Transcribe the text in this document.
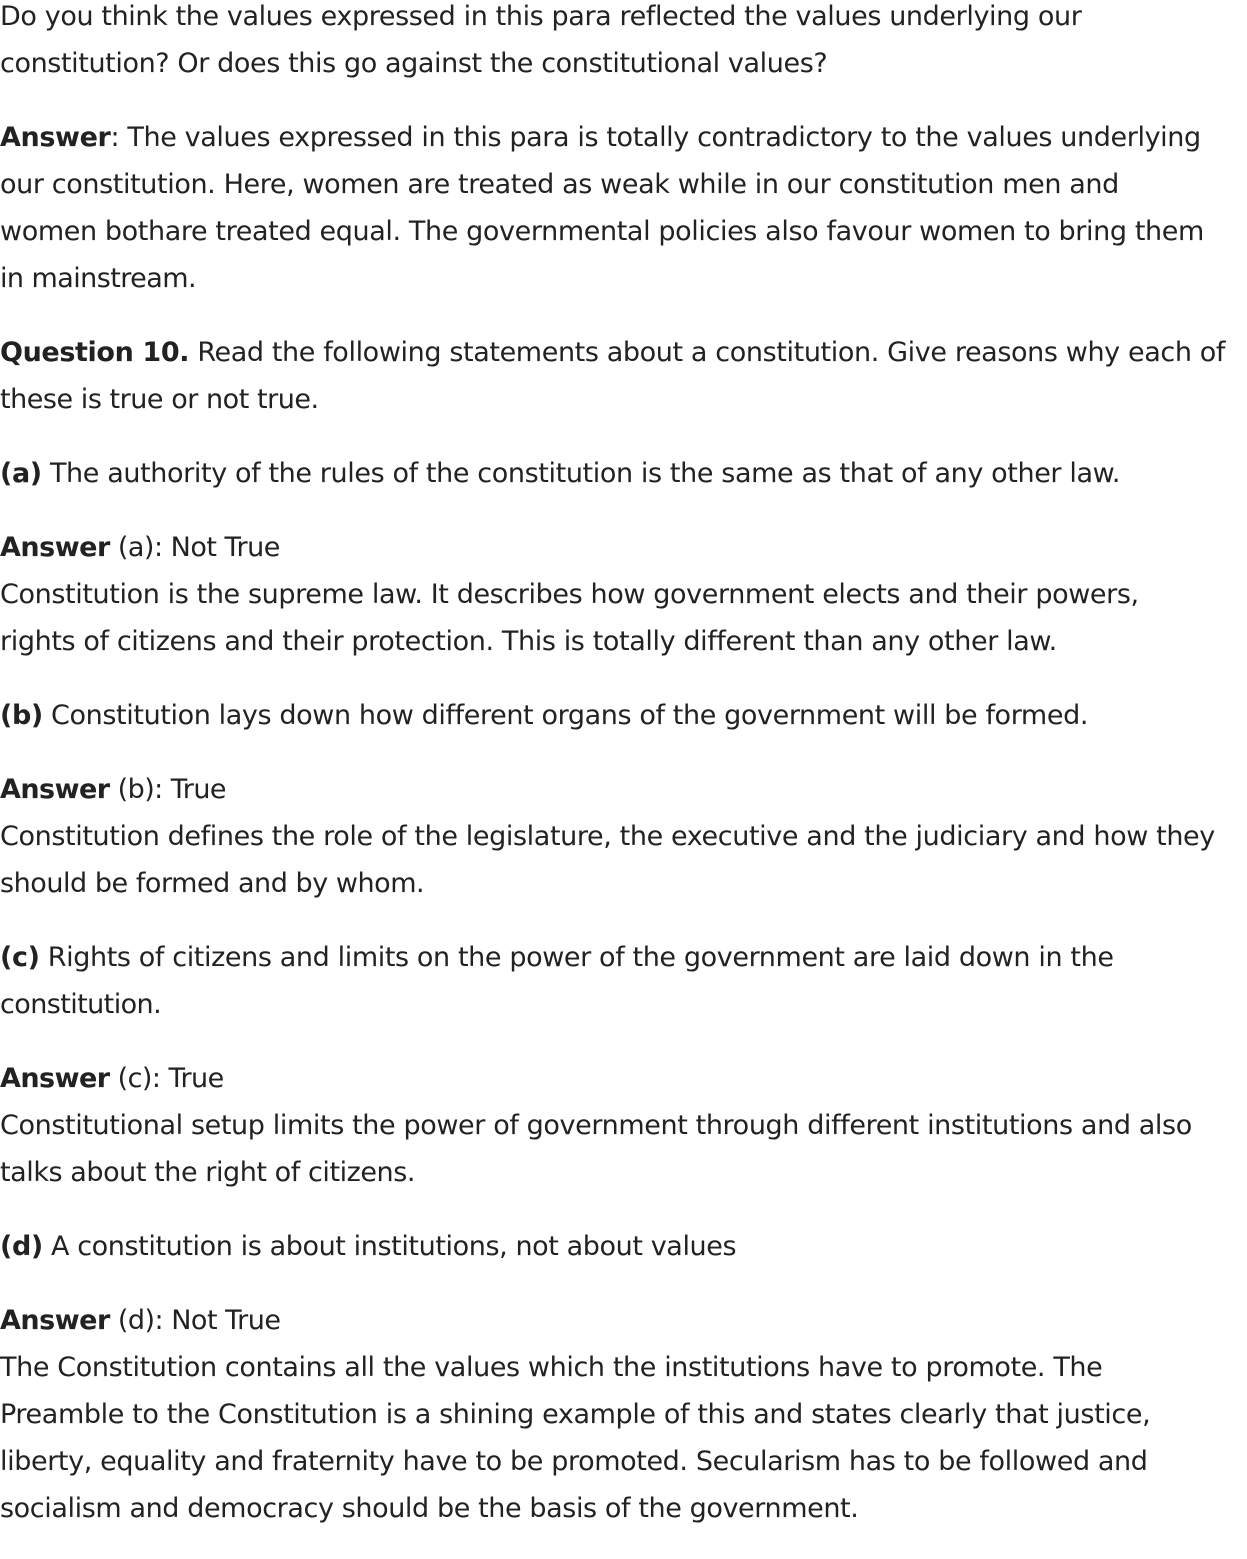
Do you think the values expressed in this para reflected the values underlying our
constitution? Or does this go against the constitutional values?
Answer: The values expressed in this para is totally contradictory to the values underlying
our constitution. Here, women are treated as weak while in our constitution men and
women bothare treated equal. The governmental policies also favour women to bring them
in mainstream.
Question 10. Read the following statements about a constitution. Give reasons why each of
these is true or not true.
(a) The authority of the rules of the constitution is the same as that of any other law.
Answer (a): Not True
Constitution is the supreme law. It describes how government elects and their powers,
rights of citizens and their protection. This is totally different than any other law.
(b) Constitution lays down how different organs of the government will be formed.
Answer (b): True
Constitution defines the role of the legislature, the executive and the judiciary and how they
should be formed and by whom.
(c) Rights of citizens and limits on the power of the government are laid down in the
constitution.
Answer (c): True
Constitutional setup limits the power of government through different institutions and also
talks about the right of citizens.
(d) A constitution is about institutions, not about values
Answer (d): Not True
The Constitution contains all the values which the institutions have to promote. The
Preamble to the Constitution is a shining example of this and states clearly that justice,
liberty, equality and fraternity have to be promoted. Secularism has to be followed and
socialism and democracy should be the basis of the government.
